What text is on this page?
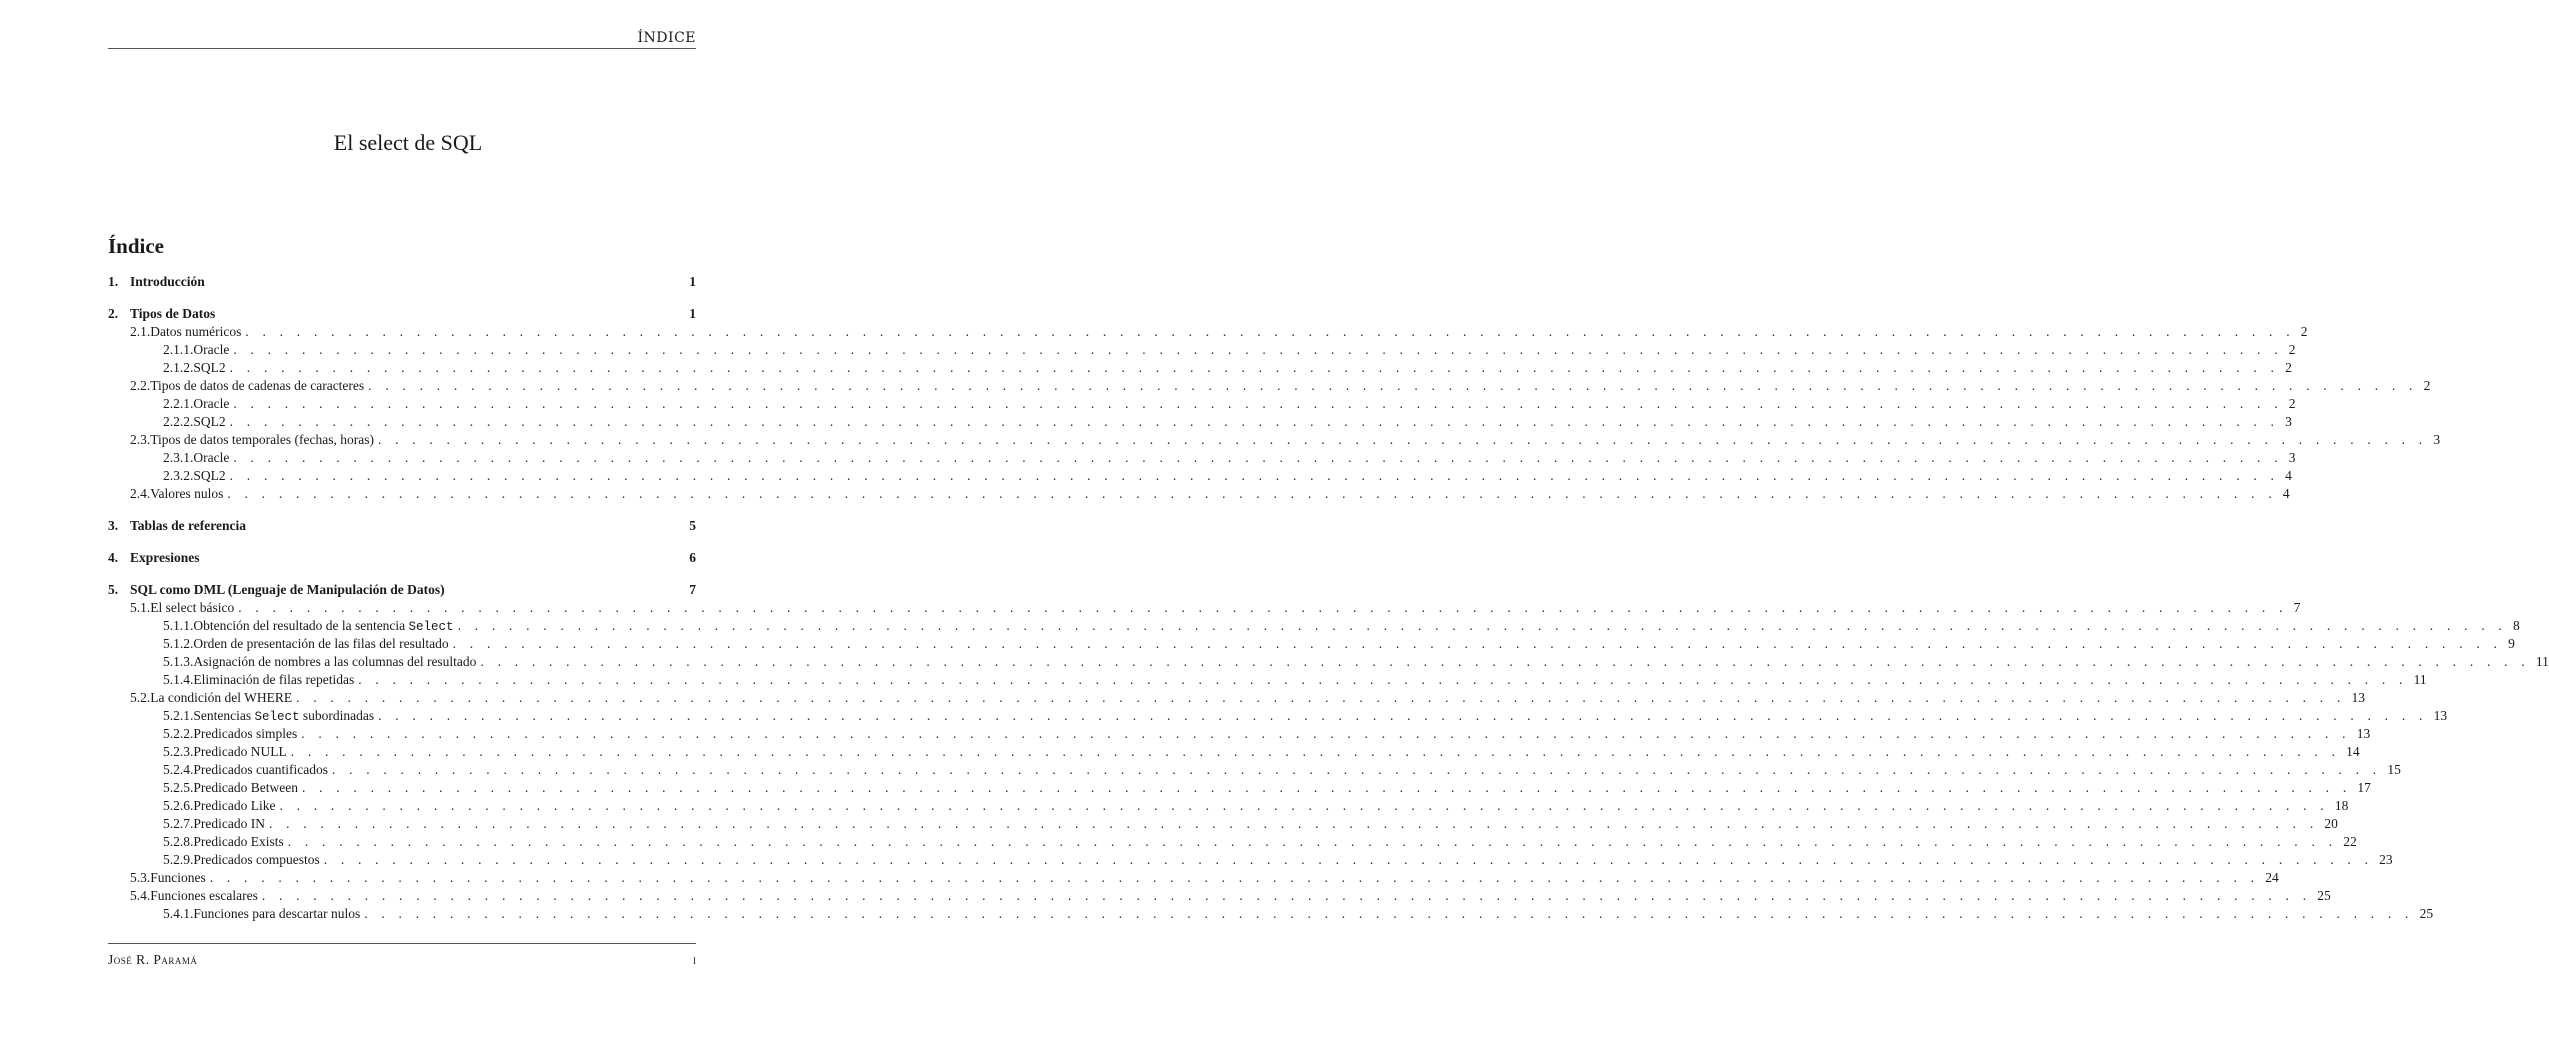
ÍNDICE
El select de SQL
Índice
1. Introducción	1
2. Tipos de Datos	1
2.1. Datos numéricos . . . . . . . . . . . . . . . . . . . . . . . . . . . . . . . . . . . . . . . . . . . . . . . . . . . . . . . . . . . . . . . . . . . . . . . . . . . . . . . . . . . . . . . . . . . . . . . . . . . . . . . . . . . . . . . . . . . . . . . . 2
2.1.1. Oracle . . . . . . . . . . . . . . . . . . . . . . . . . . . . . . . . . . . . . . . . . . . . . . . . . . . . . . . . . . . . . . . . . . . . . . . . . . . . . . . . . . . . . . . . . . . . . . . . . . . . . . . . . . . . . . . . . . . . . . . . 2
2.1.2. SQL2 . . . . . . . . . . . . . . . . . . . . . . . . . . . . . . . . . . . . . . . . . . . . . . . . . . . . . . . . . . . . . . . . . . . . . . . . . . . . . . . . . . . . . . . . . . . . . . . . . . . . . . . . . . . . . . . . . . . . . . . . 2
2.2. Tipos de datos de cadenas de caracteres . . . . . . . . . . . . . . . . . . . . . . . . . . . . . . . . . . . . . . . . . . . . . . . . . . . . . . . . . . . . . . . . . . . . . . . . . . . . . . . . . . . . . . . . . . . . . . . . . . . . . . . . . . . . . . . . . . . . . . . . 2
2.2.1. Oracle . . . . . . . . . . . . . . . . . . . . . . . . . . . . . . . . . . . . . . . . . . . . . . . . . . . . . . . . . . . . . . . . . . . . . . . . . . . . . . . . . . . . . . . . . . . . . . . . . . . . . . . . . . . . . . . . . . . . . . . . 2
2.2.2. SQL2 . . . . . . . . . . . . . . . . . . . . . . . . . . . . . . . . . . . . . . . . . . . . . . . . . . . . . . . . . . . . . . . . . . . . . . . . . . . . . . . . . . . . . . . . . . . . . . . . . . . . . . . . . . . . . . . . . . . . . . . . 3
2.3. Tipos de datos temporales (fechas, horas) . . . . . . . . . . . . . . . . . . . . . . . . . . . . . . . . . . . . . . . . . . . . . . . . . . . . . . . . . . . . . . . . . . . . . . . . . . . . . . . . . . . . . . . . . . . . . . . . . . . . . . . . . . . . . . . . . . . . . . . . 3
2.3.1. Oracle . . . . . . . . . . . . . . . . . . . . . . . . . . . . . . . . . . . . . . . . . . . . . . . . . . . . . . . . . . . . . . . . . . . . . . . . . . . . . . . . . . . . . . . . . . . . . . . . . . . . . . . . . . . . . . . . . . . . . . . . 3
2.3.2. SQL2 . . . . . . . . . . . . . . . . . . . . . . . . . . . . . . . . . . . . . . . . . . . . . . . . . . . . . . . . . . . . . . . . . . . . . . . . . . . . . . . . . . . . . . . . . . . . . . . . . . . . . . . . . . . . . . . . . . . . . . . . 4
2.4. Valores nulos . . . . . . . . . . . . . . . . . . . . . . . . . . . . . . . . . . . . . . . . . . . . . . . . . . . . . . . . . . . . . . . . . . . . . . . . . . . . . . . . . . . . . . . . . . . . . . . . . . . . . . . . . . . . . . . . . . . . . . . . 4
3. Tablas de referencia	5
4. Expresiones	6
5. SQL como DML (Lenguaje de Manipulación de Datos)	7
5.1. El select básico . . . . . . . . . . . . . . . . . . . . . . . . . . . . . . . . . . . . . . . . . . . . . . . . . . . . . . . . . . . . . . . . . . . . . . . . . . . . . . . . . . . . . . . . . . . . . . . . . . . . . . . . . . . . . . . . . . . . . . . . 7
5.1.1. Obtención del resultado de la sentencia Select . . . . . . . . . . . . . . . . . . . . . . . . . . . . . . . . . . . . . . . . . . . . . . . . . . . . . . . . . . . . . . . . . . . . . . . . . . . . . . . . . . . . . . . . . . . . . . . . . . . . . . . . . . . . . . . . . . . . . . . . 8
5.1.2. Orden de presentación de las filas del resultado . . . . . . . . . . . . . . . . . . . . . . . . . . . . . . . . . . . . . . . . . . . . . . . . . . . . . . . . . . . . . . . . . . . . . . . . . . . . . . . . . . . . . . . . . . . . . . . . . . . . . . . . . . . . . . . . . . . . . . . . 9
5.1.3. Asignación de nombres a las columnas del resultado . . . . . . . . . . . . . . . . . . . . . . . . . . . . . . . . . . . . . . . . . . . . . . . . . . . . . . . . . . . . . . . . . . . . . . . . . . . . . . . . . . . . . . . . . . . . . . . . . . . . . . . . . . . . . . . . . . . . . . . . 11
5.1.4. Eliminación de filas repetidas . . . . . . . . . . . . . . . . . . . . . . . . . . . . . . . . . . . . . . . . . . . . . . . . . . . . . . . . . . . . . . . . . . . . . . . . . . . . . . . . . . . . . . . . . . . . . . . . . . . . . . . . . . . . . . . . . . . . . . . . 11
5.2. La condición del WHERE . . . . . . . . . . . . . . . . . . . . . . . . . . . . . . . . . . . . . . . . . . . . . . . . . . . . . . . . . . . . . . . . . . . . . . . . . . . . . . . . . . . . . . . . . . . . . . . . . . . . . . . . . . . . . . . . . . . . . . . . 13
5.2.1. Sentencias Select subordinadas . . . . . . . . . . . . . . . . . . . . . . . . . . . . . . . . . . . . . . . . . . . . . . . . . . . . . . . . . . . . . . . . . . . . . . . . . . . . . . . . . . . . . . . . . . . . . . . . . . . . . . . . . . . . . . . . . . . . . . . . 13
5.2.2. Predicados simples . . . . . . . . . . . . . . . . . . . . . . . . . . . . . . . . . . . . . . . . . . . . . . . . . . . . . . . . . . . . . . . . . . . . . . . . . . . . . . . . . . . . . . . . . . . . . . . . . . . . . . . . . . . . . . . . . . . . . . . . 13
5.2.3. Predicado NULL . . . . . . . . . . . . . . . . . . . . . . . . . . . . . . . . . . . . . . . . . . . . . . . . . . . . . . . . . . . . . . . . . . . . . . . . . . . . . . . . . . . . . . . . . . . . . . . . . . . . . . . . . . . . . . . . . . . . . . . . 14
5.2.4. Predicados cuantificados . . . . . . . . . . . . . . . . . . . . . . . . . . . . . . . . . . . . . . . . . . . . . . . . . . . . . . . . . . . . . . . . . . . . . . . . . . . . . . . . . . . . . . . . . . . . . . . . . . . . . . . . . . . . . . . . . . . . . . . . 15
5.2.5. Predicado Between . . . . . . . . . . . . . . . . . . . . . . . . . . . . . . . . . . . . . . . . . . . . . . . . . . . . . . . . . . . . . . . . . . . . . . . . . . . . . . . . . . . . . . . . . . . . . . . . . . . . . . . . . . . . . . . . . . . . . . . . 17
5.2.6. Predicado Like . . . . . . . . . . . . . . . . . . . . . . . . . . . . . . . . . . . . . . . . . . . . . . . . . . . . . . . . . . . . . . . . . . . . . . . . . . . . . . . . . . . . . . . . . . . . . . . . . . . . . . . . . . . . . . . . . . . . . . . . 18
5.2.7. Predicado IN . . . . . . . . . . . . . . . . . . . . . . . . . . . . . . . . . . . . . . . . . . . . . . . . . . . . . . . . . . . . . . . . . . . . . . . . . . . . . . . . . . . . . . . . . . . . . . . . . . . . . . . . . . . . . . . . . . . . . . . . 20
5.2.8. Predicado Exists . . . . . . . . . . . . . . . . . . . . . . . . . . . . . . . . . . . . . . . . . . . . . . . . . . . . . . . . . . . . . . . . . . . . . . . . . . . . . . . . . . . . . . . . . . . . . . . . . . . . . . . . . . . . . . . . . . . . . . . . 22
5.2.9. Predicados compuestos . . . . . . . . . . . . . . . . . . . . . . . . . . . . . . . . . . . . . . . . . . . . . . . . . . . . . . . . . . . . . . . . . . . . . . . . . . . . . . . . . . . . . . . . . . . . . . . . . . . . . . . . . . . . . . . . . . . . . . . . 23
5.3. Funciones . . . . . . . . . . . . . . . . . . . . . . . . . . . . . . . . . . . . . . . . . . . . . . . . . . . . . . . . . . . . . . . . . . . . . . . . . . . . . . . . . . . . . . . . . . . . . . . . . . . . . . . . . . . . . . . . . . . . . . . . 24
5.4. Funciones escalares . . . . . . . . . . . . . . . . . . . . . . . . . . . . . . . . . . . . . . . . . . . . . . . . . . . . . . . . . . . . . . . . . . . . . . . . . . . . . . . . . . . . . . . . . . . . . . . . . . . . . . . . . . . . . . . . . . . . . . . . 25
5.4.1. Funciones para descartar nulos . . . . . . . . . . . . . . . . . . . . . . . . . . . . . . . . . . . . . . . . . . . . . . . . . . . . . . . . . . . . . . . . . . . . . . . . . . . . . . . . . . . . . . . . . . . . . . . . . . . . . . . . . . . . . . . . . . . . . . . . 25
José R. Paramá	i
